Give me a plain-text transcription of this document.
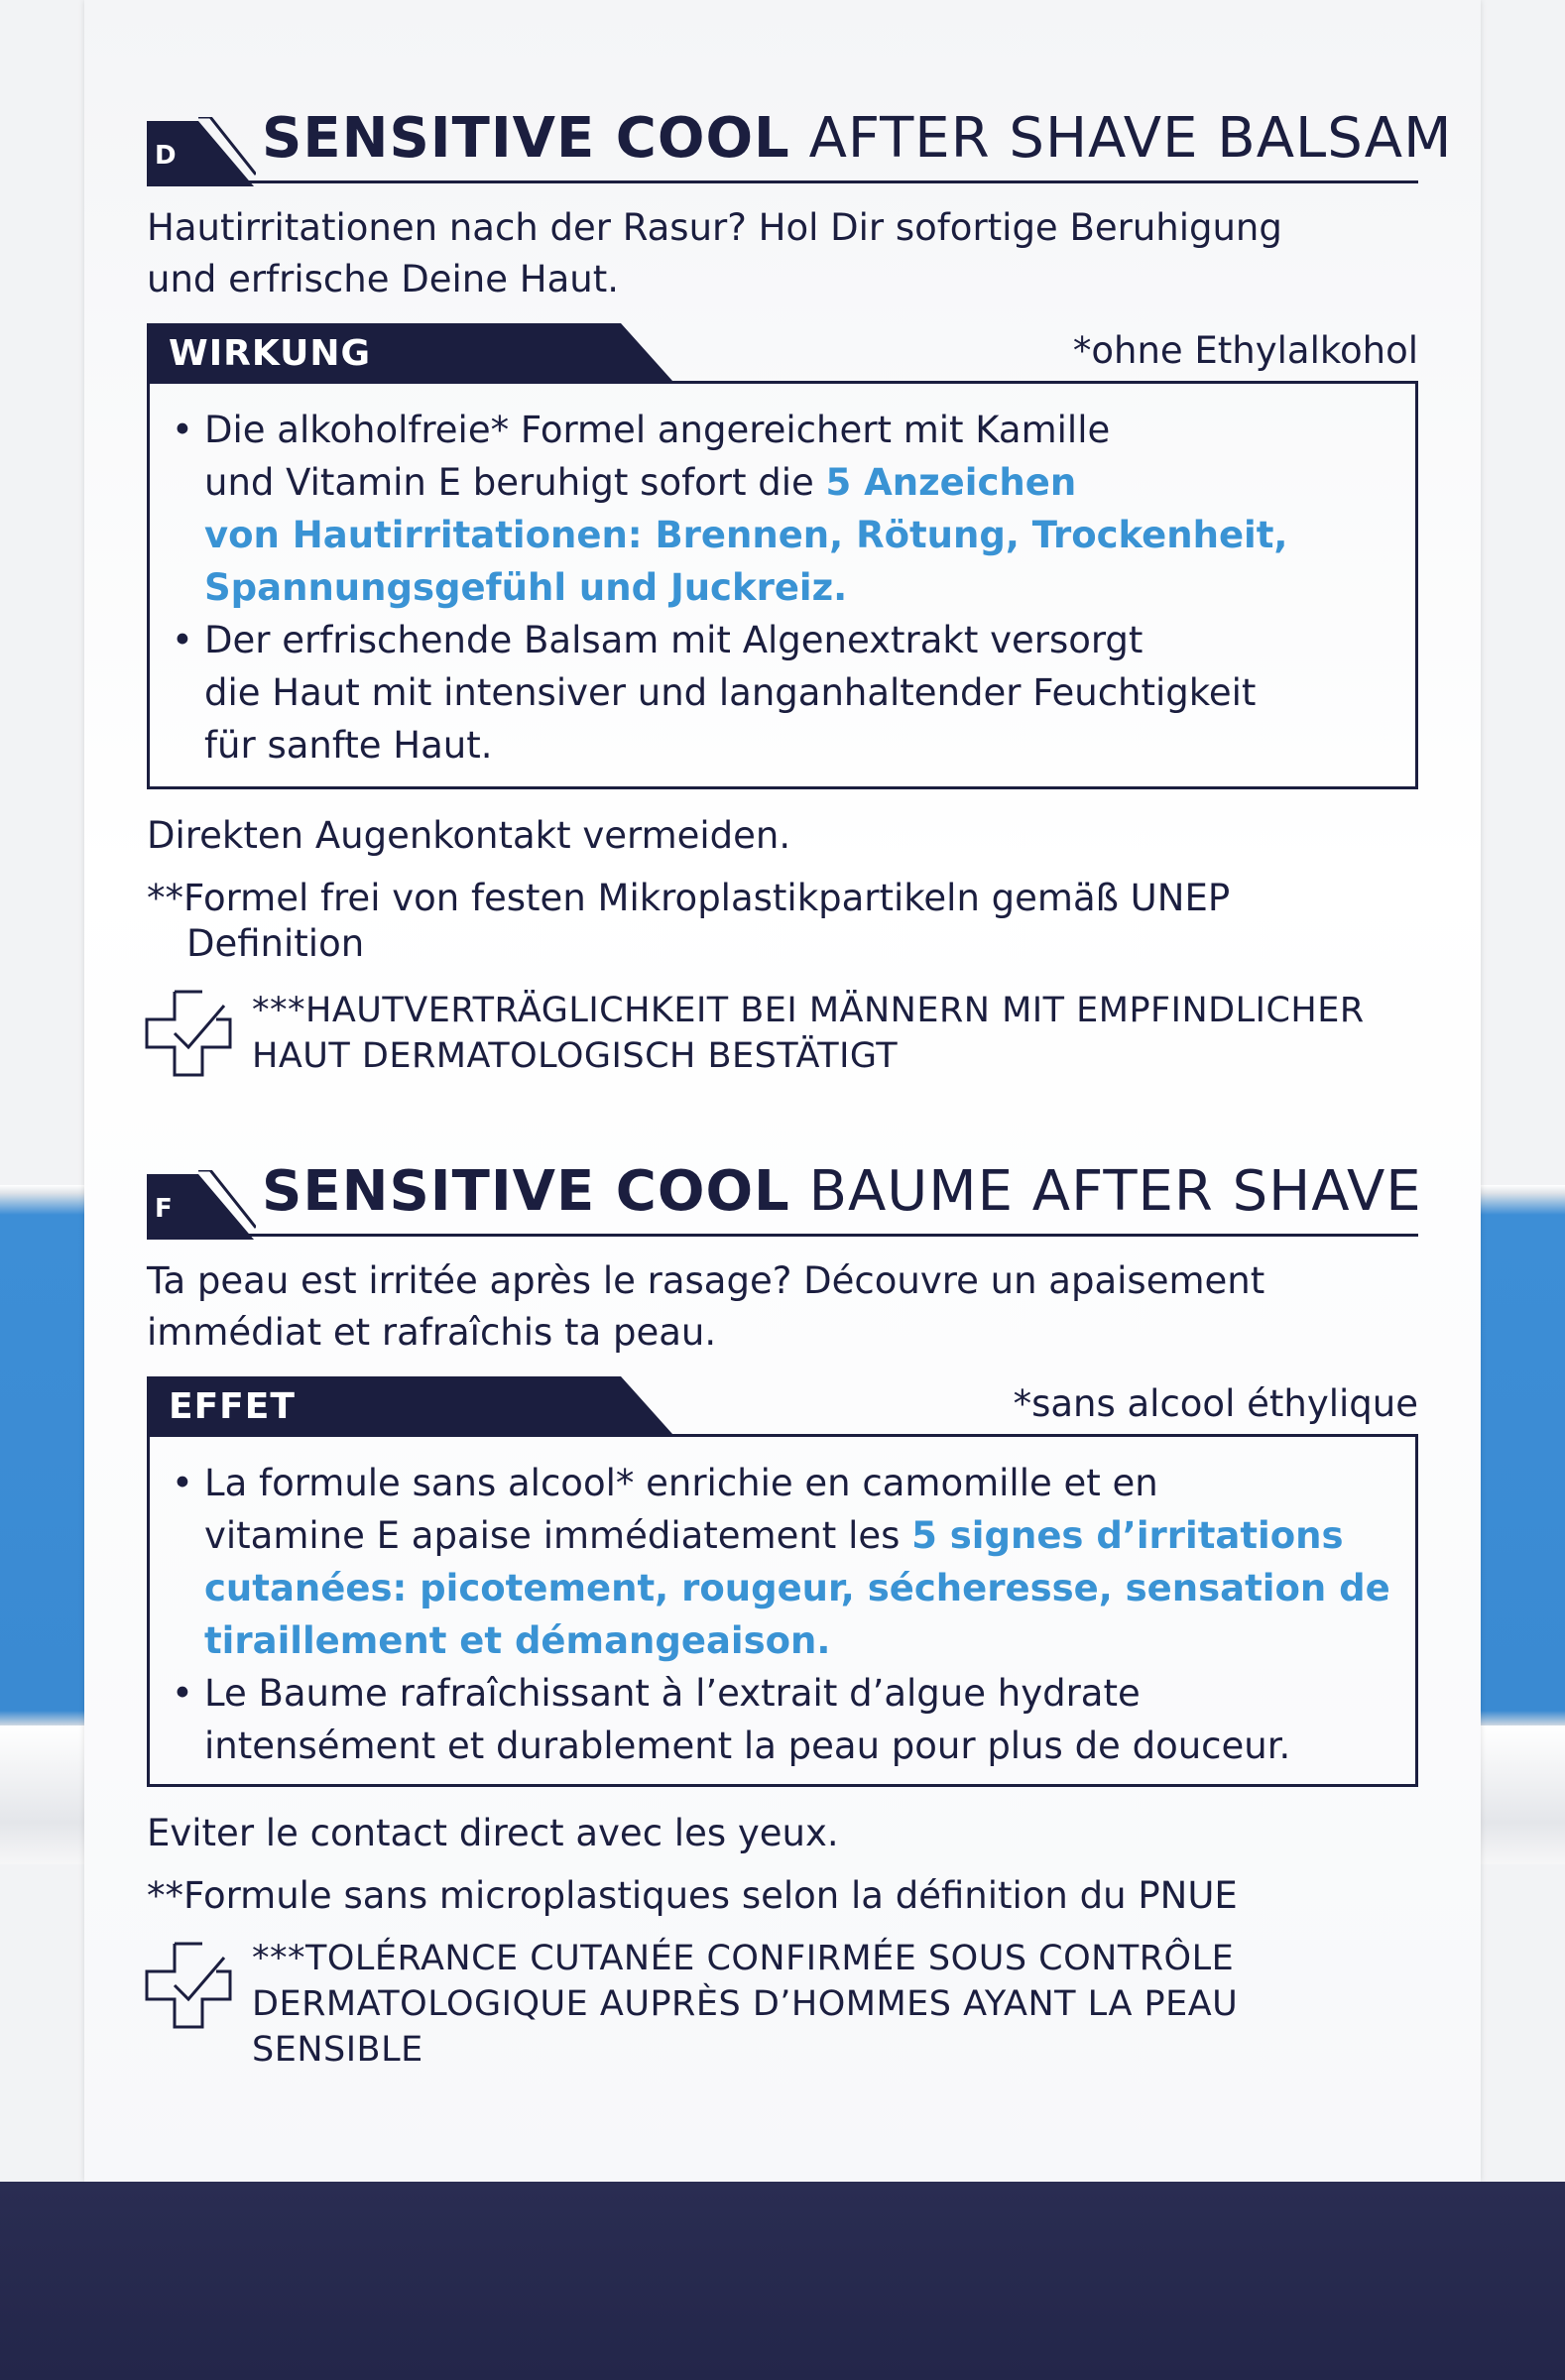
D SENSITIVE COOL AFTER SHAVE BALSAM
Hautirritationen nach der Rasur? Hol Dir sofortige Beruhigung
und erfrische Deine Haut.
WIRKUNG	*ohne Ethylalkohol
• Die alkoholfreie* Formel angereichert mit Kamille
und Vitamin E beruhigt sofort die 5 Anzeichen
von Hautirritationen: Brennen, Rötung, Trockenheit,
Spannungsgefühl und Juckreiz.
• Der erfrischende Balsam mit Algenextrakt versorgt
die Haut mit intensiver und langanhaltender Feuchtigkeit
für sanfte Haut.
Direkten Augenkontakt vermeiden.
**Formel frei von festen Mikroplastikpartikeln gemäß UNEP
Definition
***HAUTVERTRÄGLICHKEIT BEI MÄNNERN MIT EMPFINDLICHER
HAUT DERMATOLOGISCH BESTÄTIGT
F SENSITIVE COOL BAUME AFTER SHAVE
Ta peau est irritée après le rasage? Découvre un apaisement
immédiat et rafraîchis ta peau.
EFFET	*sans alcool éthylique
• La formule sans alcool* enrichie en camomille et en
vitamine E apaise immédiatement les 5 signes d’irritations
cutanées: picotement, rougeur, sécheresse, sensation de
tiraillement et démangeaison.
• Le Baume rafraîchissant à l’extrait d’algue hydrate
intensément et durablement la peau pour plus de douceur.
Eviter le contact direct avec les yeux.
**Formule sans microplastiques selon la définition du PNUE
***TOLÉRANCE CUTANÉE CONFIRMÉE SOUS CONTRÔLE
DERMATOLOGIQUE AUPRÈS D’HOMMES AYANT LA PEAU
SENSIBLE
